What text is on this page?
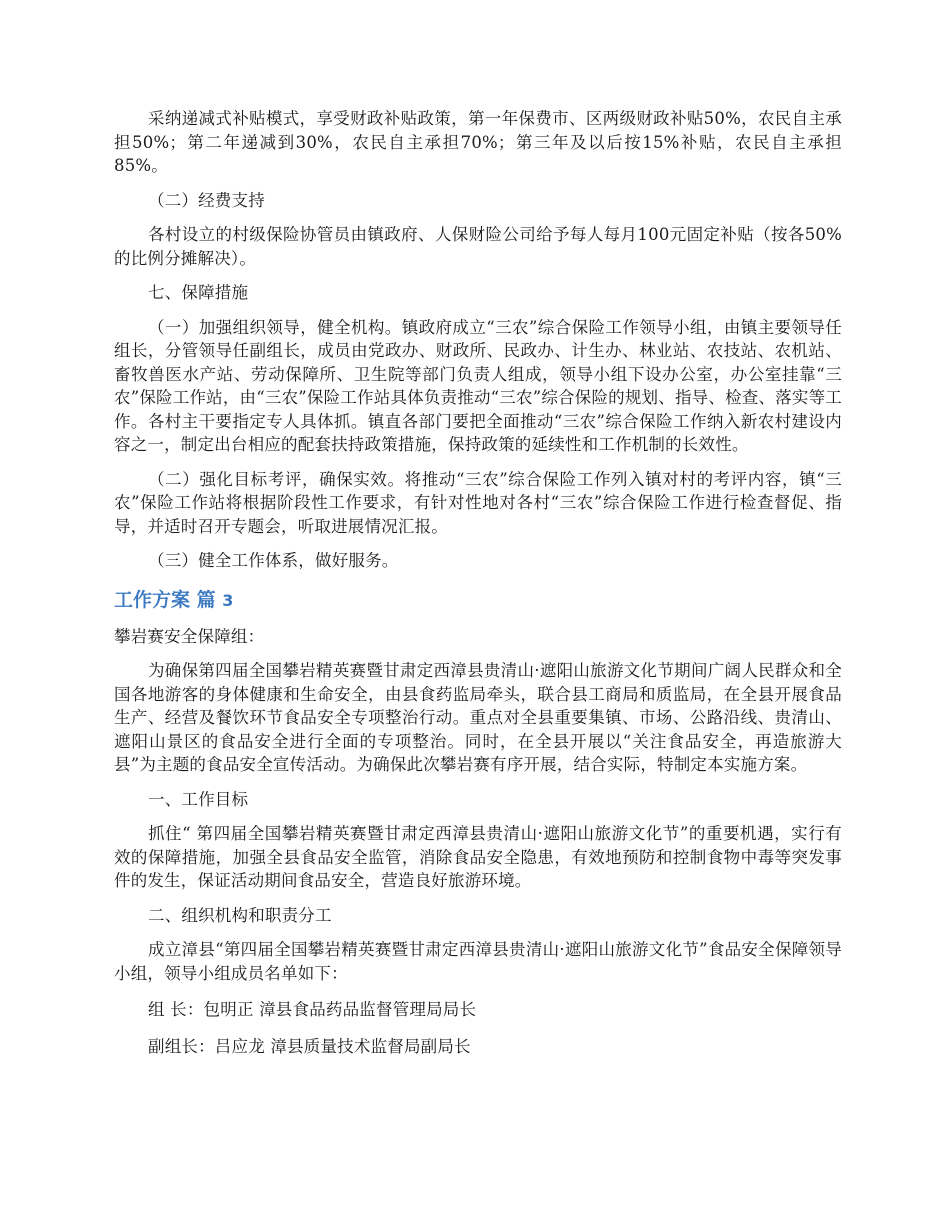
采纳递减式补贴模式，享受财政补贴政策，第一年保费市、区两级财政补贴50%，农民自主承担50%；第二年递减到30%，农民自主承担70%；第三年及以后按15%补贴，农民自主承担85%。

（二）经费支持

各村设立的村级保险协管员由镇政府、人保财险公司给予每人每月100元固定补贴（按各50%的比例分摊解决）。

七、保障措施

（一）加强组织领导，健全机构。镇政府成立“三农”综合保险工作领导小组，由镇主要领导任组长，分管领导任副组长，成员由党政办、财政所、民政办、计生办、林业站、农技站、农机站、畜牧兽医水产站、劳动保障所、卫生院等部门负责人组成，领导小组下设办公室，办公室挂靠“三农”保险工作站，由“三农”保险工作站具体负责推动“三农”综合保险的规划、指导、检查、落实等工作。各村主干要指定专人具体抓。镇直各部门要把全面推动“三农”综合保险工作纳入新农村建设内容之一，制定出台相应的配套扶持政策措施，保持政策的延续性和工作机制的长效性。

（二）强化目标考评，确保实效。将推动“三农”综合保险工作列入镇对村的考评内容，镇“三农”保险工作站将根据阶段性工作要求，有针对性地对各村“三农”综合保险工作进行检查督促、指导，并适时召开专题会，听取进展情况汇报。

（三）健全工作体系，做好服务。

工作方案 篇 3

攀岩赛安全保障组：

为确保第四届全国攀岩精英赛暨甘肃定西漳县贵清山·遮阳山旅游文化节期间广阔人民群众和全国各地游客的身体健康和生命安全，由县食药监局牵头，联合县工商局和质监局，在全县开展食品生产、经营及餐饮环节食品安全专项整治行动。重点对全县重要集镇、市场、公路沿线、贵清山、遮阳山景区的食品安全进行全面的专项整治。同时，在全县开展以“关注食品安全，再造旅游大县”为主题的食品安全宣传活动。为确保此次攀岩赛有序开展，结合实际，特制定本实施方案。

一、工作目标

抓住“ 第四届全国攀岩精英赛暨甘肃定西漳县贵清山·遮阳山旅游文化节”的重要机遇，实行有效的保障措施，加强全县食品安全监管，消除食品安全隐患，有效地预防和控制食物中毒等突发事件的发生，保证活动期间食品安全，营造良好旅游环境。

二、组织机构和职责分工

成立漳县“第四届全国攀岩精英赛暨甘肃定西漳县贵清山·遮阳山旅游文化节”食品安全保障领导小组，领导小组成员名单如下：

组 长：包明正 漳县食品药品监督管理局局长

副组长：吕应龙 漳县质量技术监督局副局长
